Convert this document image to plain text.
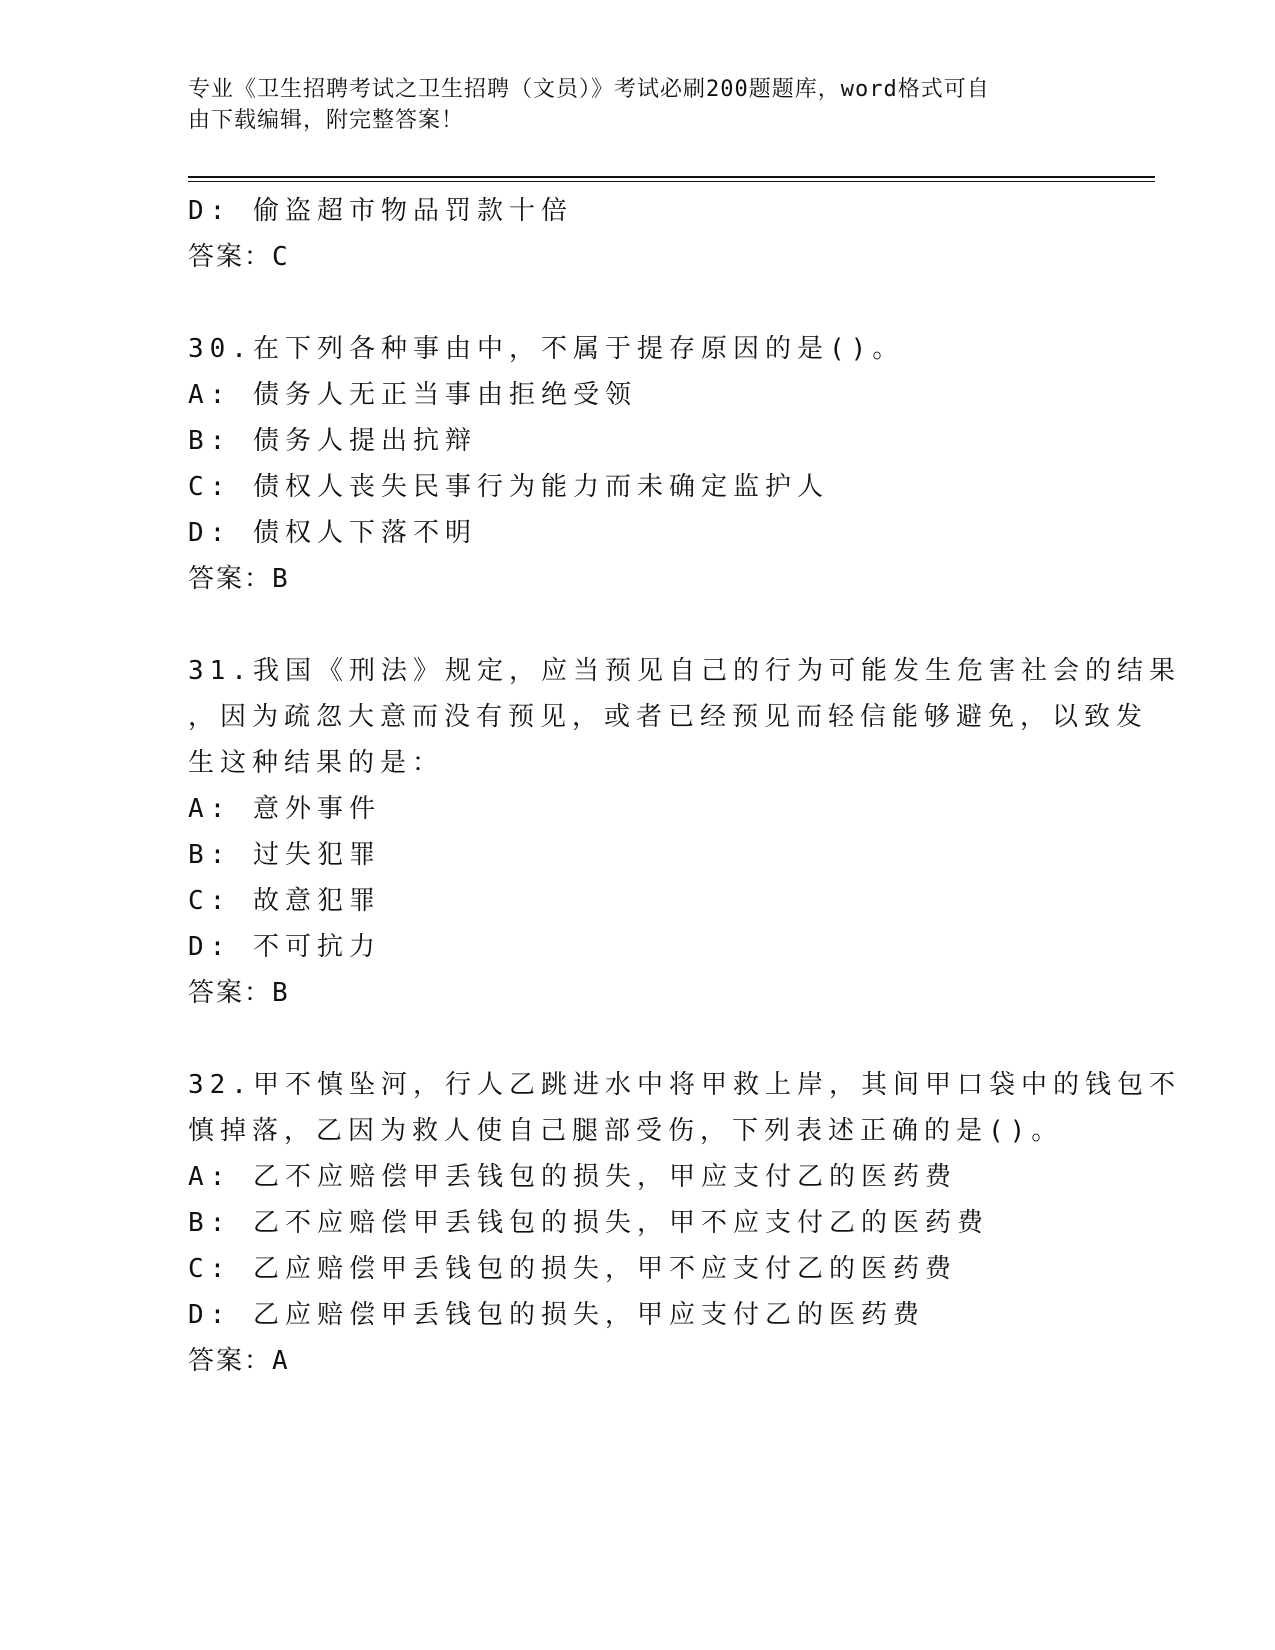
专业《卫生招聘考试之卫生招聘（文员）》考试必刷200题题库，word格式可自
由下载编辑，附完整答案！
D: 偷盗超市物品罚款十倍
答案：C
30.在下列各种事由中，不属于提存原因的是()。
A: 债务人无正当事由拒绝受领
B: 债务人提出抗辩
C: 债权人丧失民事行为能力而未确定监护人
D: 债权人下落不明
答案：B
31.我国《刑法》规定，应当预见自己的行为可能发生危害社会的结果
，因为疏忽大意而没有预见，或者已经预见而轻信能够避免，以致发
生这种结果的是：
A: 意外事件
B: 过失犯罪
C: 故意犯罪
D: 不可抗力
答案：B
32.甲不慎坠河，行人乙跳进水中将甲救上岸，其间甲口袋中的钱包不
慎掉落，乙因为救人使自己腿部受伤，下列表述正确的是()。
A: 乙不应赔偿甲丢钱包的损失，甲应支付乙的医药费
B: 乙不应赔偿甲丢钱包的损失，甲不应支付乙的医药费
C: 乙应赔偿甲丢钱包的损失，甲不应支付乙的医药费
D: 乙应赔偿甲丢钱包的损失，甲应支付乙的医药费
答案：A
